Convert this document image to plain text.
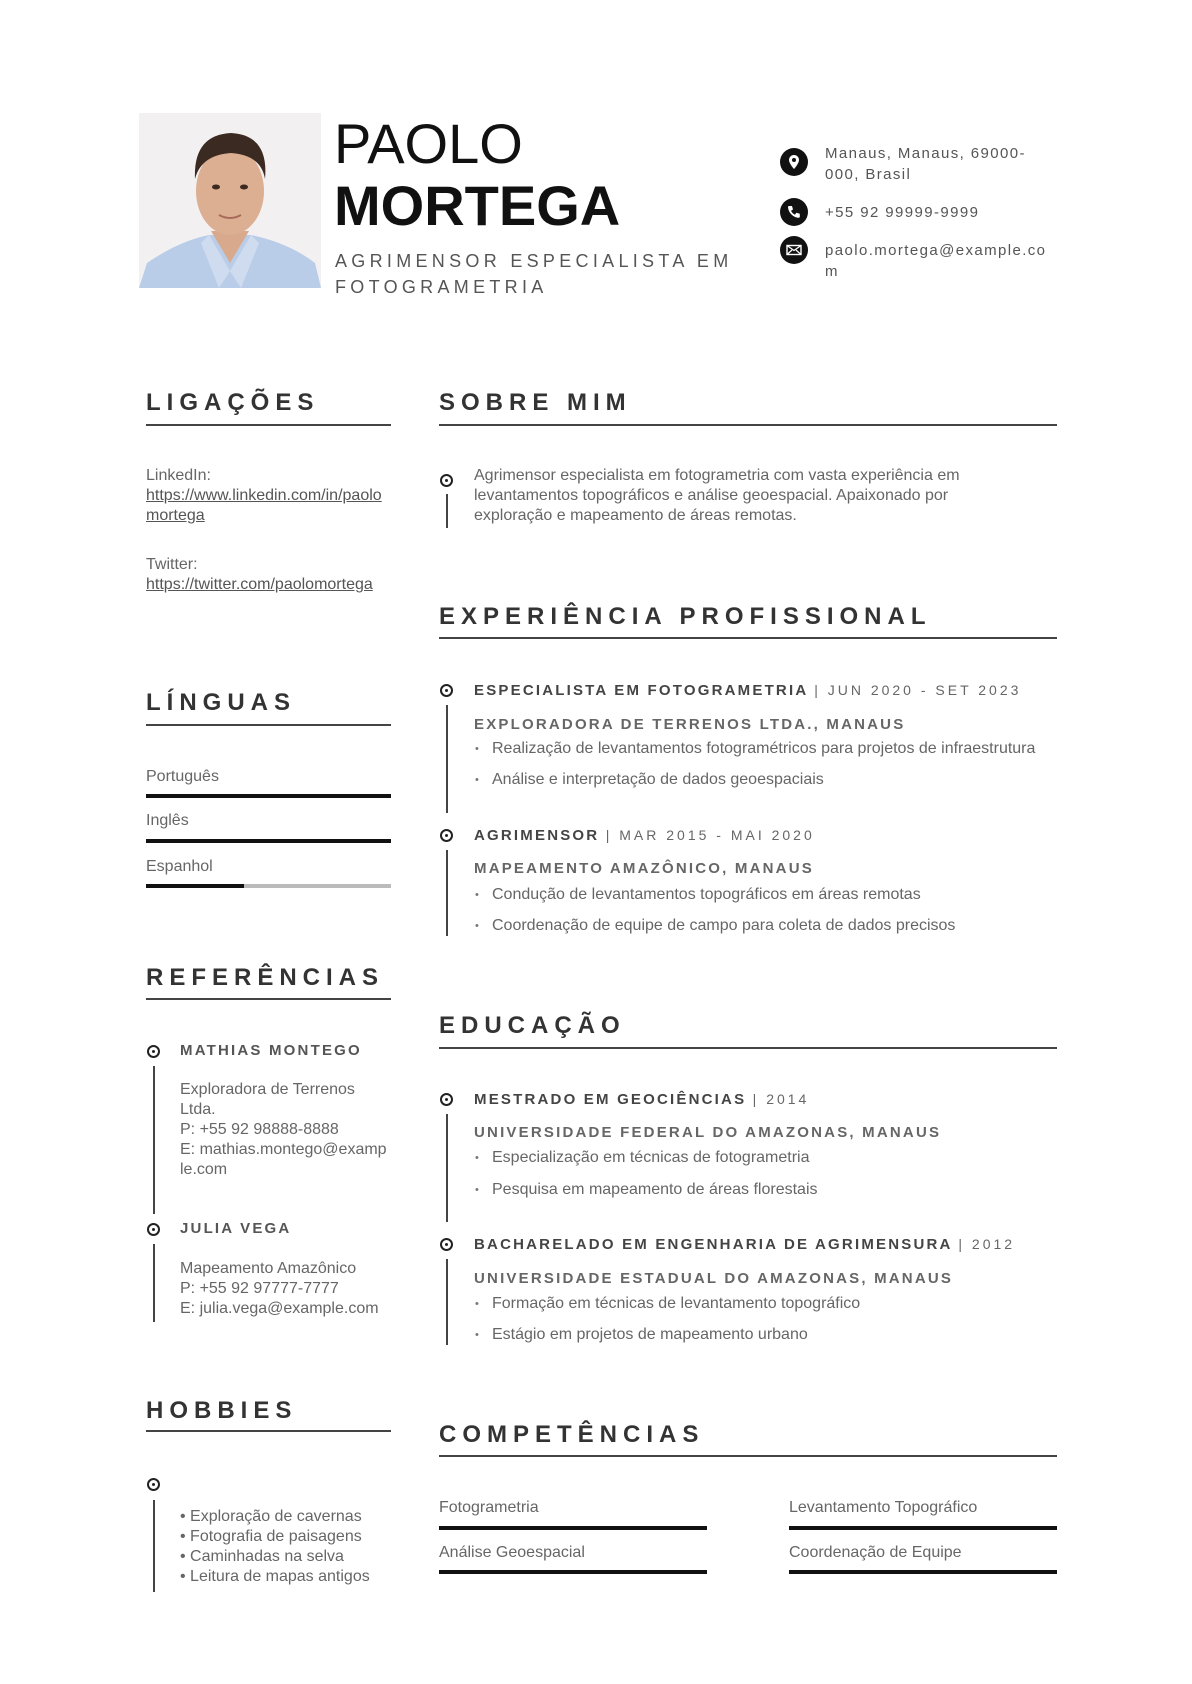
PAOLO
MORTEGA
AGRIMENSOR ESPECIALISTA EM FOTOGRAMETRIA
Manaus, Manaus, 69000-000, Brasil
+55 92 99999-9999
paolo.mortega@example.com
LIGAÇÕES
LinkedIn:
https://www.linkedin.com/in/paolomortega
Twitter:
https://twitter.com/paolomortega
LÍNGUAS
Português
Inglês
Espanhol
REFERÊNCIAS
MATHIAS MONTEGO
Exploradora de Terrenos Ltda.
P: +55 92 98888-8888
E: mathias.montego@example.com
JULIA VEGA
Mapeamento Amazônico
P: +55 92 97777-7777
E: julia.vega@example.com
HOBBIES
• Exploração de cavernas
• Fotografia de paisagens
• Caminhadas na selva
• Leitura de mapas antigos
SOBRE MIM
Agrimensor especialista em fotogrametria com vasta experiência em levantamentos topográficos e análise geoespacial. Apaixonado por exploração e mapeamento de áreas remotas.
EXPERIÊNCIA PROFISSIONAL
ESPECIALISTA EM FOTOGRAMETRIA | JUN 2020 - SET 2023
EXPLORADORA DE TERRENOS LTDA., MANAUS
• Realização de levantamentos fotogramétricos para projetos de infraestrutura
• Análise e interpretação de dados geoespaciais
AGRIMENSOR | MAR 2015 - MAI 2020
MAPEAMENTO AMAZÔNICO, MANAUS
• Condução de levantamentos topográficos em áreas remotas
• Coordenação de equipe de campo para coleta de dados precisos
EDUCAÇÃO
MESTRADO EM GEOCIÊNCIAS | 2014
UNIVERSIDADE FEDERAL DO AMAZONAS, MANAUS
• Especialização em técnicas de fotogrametria
• Pesquisa em mapeamento de áreas florestais
BACHARELADO EM ENGENHARIA DE AGRIMENSURA | 2012
UNIVERSIDADE ESTADUAL DO AMAZONAS, MANAUS
• Formação em técnicas de levantamento topográfico
• Estágio em projetos de mapeamento urbano
COMPETÊNCIAS
Fotogrametria	Levantamento Topográfico
Análise Geoespacial	Coordenação de Equipe
